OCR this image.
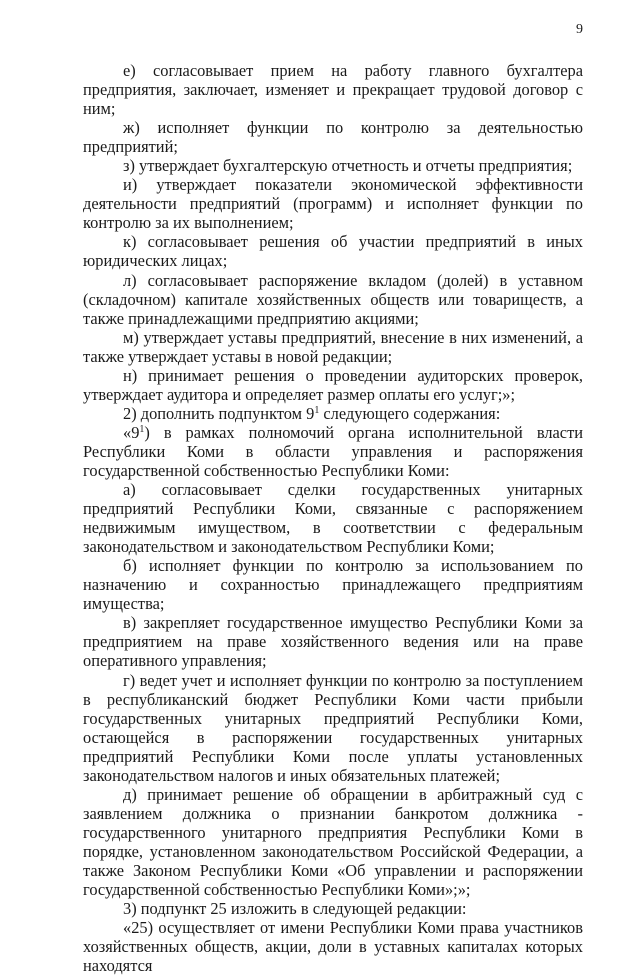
9

е) согласовывает прием на работу главного бухгалтера предприятия, заключает, изменяет и прекращает трудовой договор с ним;

ж) исполняет функции по контролю за деятельностью предприятий;

з) утверждает бухгалтерскую отчетность и отчеты предприятия;

и) утверждает показатели экономической эффективности деятельности предприятий (программ) и исполняет функции по контролю за их выполнением;

к) согласовывает решения об участии предприятий в иных юридических лицах;

л) согласовывает распоряжение вкладом (долей) в уставном (складочном) капитале хозяйственных обществ или товариществ, а также принадлежащими предприятию акциями;

м) утверждает уставы предприятий, внесение в них изменений, а также утверждает уставы в новой редакции;

н) принимает решения о проведении аудиторских проверок, утверждает аудитора и определяет размер оплаты его услуг;»;

2) дополнить подпунктом $9^1$ следующего содержания:

«$9^1$) в рамках полномочий органа исполнительной власти Республики Коми в области управления и распоряжения государственной собственностью Республики Коми:

а) согласовывает сделки государственных унитарных предприятий Республики Коми, связанные с распоряжением недвижимым имуществом, в соответствии с федеральным законодательством и законодательством Республики Коми;

б) исполняет функции по контролю за использованием по назначению и сохранностью принадлежащего предприятиям имущества;

в) закрепляет государственное имущество Республики Коми за предприятием на праве хозяйственного ведения или на праве оперативного управления;

г) ведет учет и исполняет функции по контролю за поступлением в республиканский бюджет Республики Коми части прибыли государственных унитарных предприятий Республики Коми, остающейся в распоряжении государственных унитарных предприятий Республики Коми после уплаты установленных законодательством налогов и иных обязательных платежей;

д) принимает решение об обращении в арбитражный суд с заявлением должника о признании банкротом должника - государственного унитарного предприятия Республики Коми в порядке, установленном законодательством Российской Федерации, а также Законом Республики Коми «Об управлении и распоряжении государственной собственностью Республики Коми»;»;

3) подпункт 25 изложить в следующей редакции:

«25) осуществляет от имени Республики Коми права участников хозяйственных обществ, акции, доли в уставных капиталах которых находятся
